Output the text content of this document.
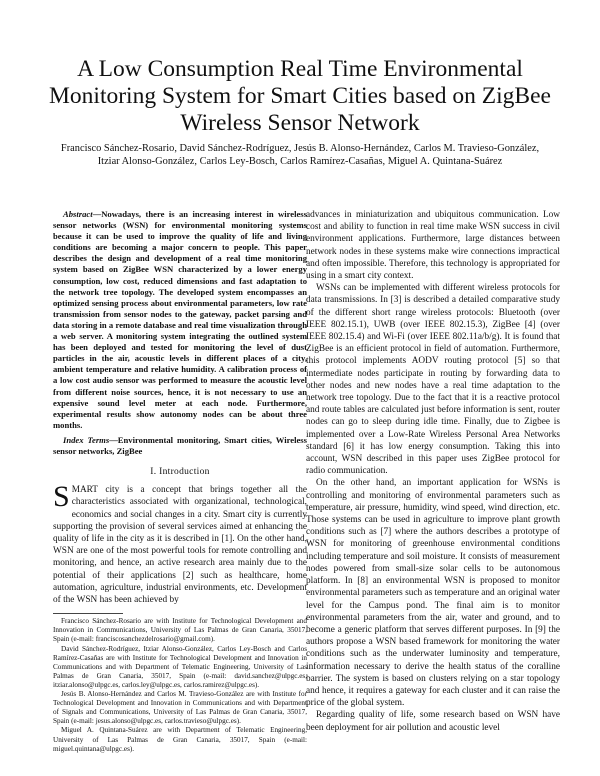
A Low Consumption Real Time Environmental Monitoring System for Smart Cities based on ZigBee Wireless Sensor Network
Francisco Sánchez-Rosario, David Sánchez-Rodríguez, Jesús B. Alonso-Hernández, Carlos M. Travieso-González,
Itziar Alonso-González, Carlos Ley-Bosch, Carlos Ramírez-Casañas, Miguel A. Quintana-Suárez

Abstract—Nowadays, there is an increasing interest in wireless sensor networks (WSN) for environmental monitoring systems because it can be used to improve the quality of life and living conditions are becoming a major concern to people. This paper describes the design and development of a real time monitoring system based on ZigBee WSN characterized by a lower energy consumption, low cost, reduced dimensions and fast adaptation to the network tree topology. The developed system encompasses an optimized sensing process about environmental parameters, low rate transmission from sensor nodes to the gateway, packet parsing and data storing in a remote database and real time visualization through a web server. A monitoring system integrating the outlined system has been deployed and tested for monitoring the level of dust particles in the air, acoustic levels in different places of a city, ambient temperature and relative humidity. A calibration process of a low cost audio sensor was performed to measure the acoustic level from different noise sources, hence, it is not necessary to use an expensive sound level meter at each node. Furthermore, experimental results show autonomy nodes can be about three months.

Index Terms—Environmental monitoring, Smart cities, Wireless sensor networks, ZigBee

I. Introduction

SMART city is a concept that brings together all the characteristics associated with organizational, technological, economics and social changes in a city. Smart city is currently supporting the provision of several services aimed at enhancing the quality of life in the city as it is described in [1]. On the other hand, WSN are one of the most powerful tools for remote controlling and monitoring, and hence, an active research area mainly due to the potential of their applications [2] such as healthcare, home automation, agriculture, industrial environments, etc. Development of the WSN has been achieved by

Francisco Sánchez-Rosario are with Institute for Technological Development and Innovation in Communications, University of Las Palmas de Gran Canaria, 35017, Spain (e-mail: franciscosanchezdelrosario@gmail.com).

David Sánchez-Rodríguez, Itziar Alonso-González, Carlos Ley-Bosch and Carlos Ramírez-Casañas are with Institute for Technological Development and Innovation in Communications and with Department of Telematic Engineering, University of Las Palmas de Gran Canaria, 35017, Spain (e-mail: david.sanchez@ulpgc.es, itziar.alonso@ulpgc.es, carlos.ley@ulpgc.es, carlos.ramirez@ulpgc.es).

Jesús B. Alonso-Hernández and Carlos M. Travieso-González are with Institute for Technological Development and Innovation in Communications and with Department of Signals and Communications, University of Las Palmas de Gran Canaria, 35017, Spain (e-mail: jesus.alonso@ulpgc.es, carlos.travieso@ulpgc.es).

Miguel A. Quintana-Suárez are with Department of Telematic Engineering, University of Las Palmas de Gran Canaria, 35017, Spain (e-mail: miguel.quintana@ulpgc.es).

advances in miniaturization and ubiquitous communication. Low cost and ability to function in real time make WSN success in civil environment applications. Furthermore, large distances between network nodes in these systems make wire connections impractical and often impossible. Therefore, this technology is appropriated for using in a smart city context.

WSNs can be implemented with different wireless protocols for data transmissions. In [3] is described a detailed comparative study of the different short range wireless protocols: Bluetooth (over IEEE 802.15.1), UWB (over IEEE 802.15.3), ZigBee [4] (over IEEE 802.15.4) and Wi-Fi (over IEEE 802.11a/b/g). It is found that ZigBee is an efficient protocol in field of automation. Furthermore, this protocol implements AODV routing protocol [5] so that intermediate nodes participate in routing by forwarding data to other nodes and new nodes have a real time adaptation to the network tree topology. Due to the fact that it is a reactive protocol and route tables are calculated just before information is sent, router nodes can go to sleep during idle time. Finally, due to Zigbee is implemented over a Low-Rate Wireless Personal Area Networks standard [6] it has low energy consumption. Taking this into account, WSN described in this paper uses ZigBee protocol for radio communication.

On the other hand, an important application for WSNs is controlling and monitoring of environmental parameters such as temperature, air pressure, humidity, wind speed, wind direction, etc. Those systems can be used in agriculture to improve plant growth conditions such as [7] where the authors describes a prototype of WSN for monitoring of greenhouse environmental conditions including temperature and soil moisture. It consists of measurement nodes powered from small-size solar cells to be autonomous platform. In [8] an environmental WSN is proposed to monitor environmental parameters such as temperature and an original water level for the Campus pond. The final aim is to monitor environmental parameters from the air, water and ground, and to become a generic platform that serves different purposes. In [9] the authors propose a WSN based framework for monitoring the water conditions such as the underwater luminosity and temperature, information necessary to derive the health status of the coralline barrier. The system is based on clusters relying on a star topology and hence, it requires a gateway for each cluster and it can raise the price of the global system.

Regarding quality of life, some research based on WSN have been deployment for air pollution and acoustic level
